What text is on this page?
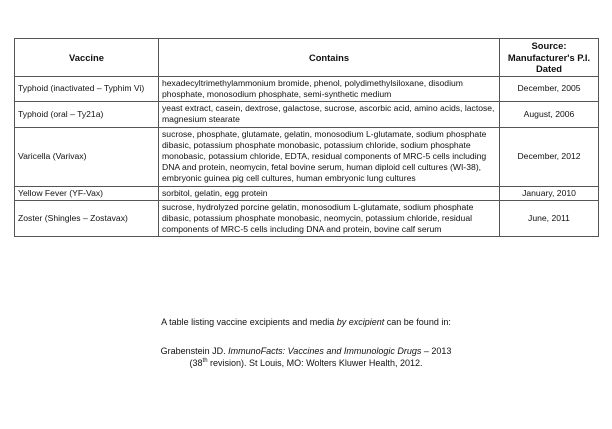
Vaccine	Contains	Source: Manufacturer's P.I. Dated
Typhoid (inactivated – Typhim Vi)	hexadecyltrimethylammonium bromide, phenol, polydimethylsiloxane, disodium phosphate, monosodium phosphate, semi-synthetic medium	December, 2005
Typhoid (oral – Ty21a)	yeast extract, casein, dextrose, galactose, sucrose, ascorbic acid, amino acids, lactose, magnesium stearate	August, 2006
Varicella (Varivax)	sucrose, phosphate, glutamate, gelatin, monosodium L-glutamate, sodium phosphate dibasic, potassium phosphate monobasic, potassium chloride, sodium phosphate monobasic, potassium chloride, EDTA, residual components of MRC-5 cells including DNA and protein, neomycin, fetal bovine serum, human diploid cell cultures (WI-38), embryonic guinea pig cell cultures, human embryonic lung cultures	December, 2012
Yellow Fever (YF-Vax)	sorbitol, gelatin, egg protein	January, 2010
Zoster (Shingles – Zostavax)	sucrose, hydrolyzed porcine gelatin, monosodium L-glutamate, sodium phosphate dibasic, potassium phosphate monobasic, neomycin, potassium chloride, residual components of MRC-5 cells including DNA and protein, bovine calf serum	June, 2011
A table listing vaccine excipients and media by excipient can be found in:
Grabenstein JD. ImmunoFacts: Vaccines and Immunologic Drugs – 2013
(38th revision). St Louis, MO: Wolters Kluwer Health, 2012.
